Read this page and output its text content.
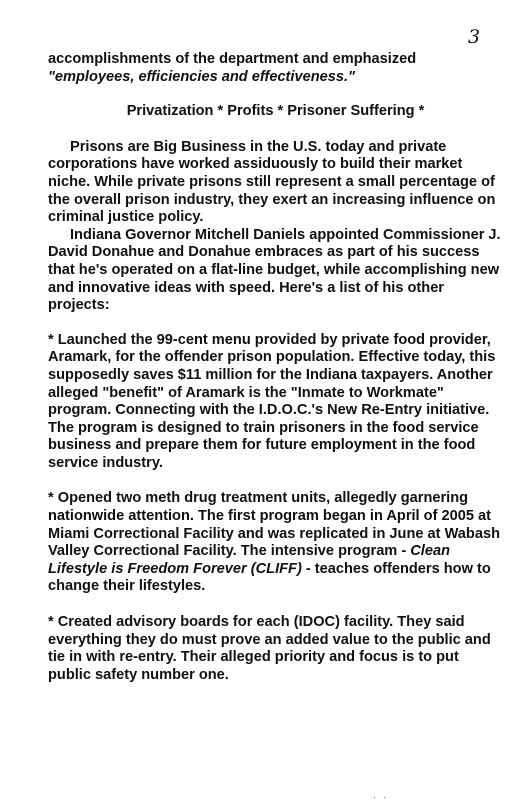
3

accomplishments of the department and emphasized "employees, efficiencies and effectiveness."

Privatization * Profits * Prisoner Suffering *

Prisons are Big Business in the U.S. today and private corporations have worked assiduously to build their market niche. While private prisons still represent a small percentage of the overall prison industry, they exert an increasing influence on criminal justice policy.

Indiana Governor Mitchell Daniels appointed Commissioner J. David Donahue and Donahue embraces as part of his success that he's operated on a flat-line budget, while accomplishing new and innovative ideas with speed. Here's a list of his other projects:

* Launched the 99-cent menu provided by private food provider, Aramark, for the offender prison population. Effective today, this supposedly saves $11 million for the Indiana taxpayers. Another alleged "benefit" of Aramark is the "Inmate to Workmate" program. Connecting with the I.D.O.C.'s New Re-Entry initiative. The program is designed to train prisoners in the food service business and prepare them for future employment in the food service industry.

* Opened two meth drug treatment units, allegedly garnering nationwide attention. The first program began in April of 2005 at Miami Correctional Facility and was replicated in June at Wabash Valley Correctional Facility. The intensive program - Clean Lifestyle is Freedom Forever (CLIFF) - teaches offenders how to change their lifestyles.

* Created advisory boards for each (IDOC) facility. They said everything they do must prove an added value to the public and tie in with re-entry. Their alleged priority and focus is to put public safety number one.

· ·
